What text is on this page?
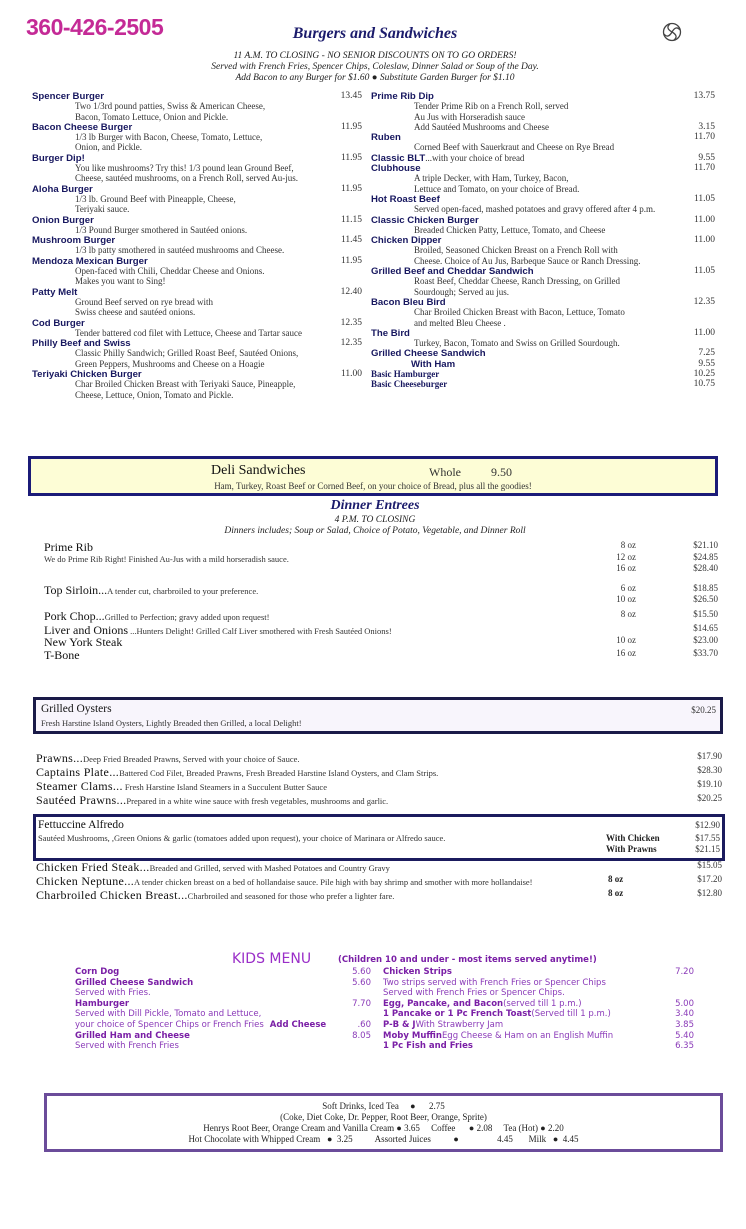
360-426-2505	Burgers and Sandwiches
11 A.M. TO CLOSING - NO SENIOR DISCOUNTS ON TO GO ORDERS!
Served with French Fries, Spencer Chips, Coleslaw, Dinner Salad or Soup of the Day.
Add Bacon to any Burger for $1.60 ● Substitute Garden Burger for $1.10
Spencer Burger	13.45
Two 1/3rd pound patties, Swiss & American Cheese,
Bacon, Tomato Lettuce, Onion and Pickle.
Bacon Cheese Burger	11.95
1/3 lb Burger with Bacon, Cheese, Tomato, Lettuce,
Onion, and Pickle.
Burger Dip!	11.95
You like mushrooms? Try this! 1/3 pound lean Ground Beef,
Cheese, sautéed mushrooms, on a French Roll, served Au-jus.
Aloha Burger	11.95
1/3 lb. Ground Beef with Pineapple, Cheese,
Teriyaki sauce.
Onion Burger	11.15
1/3 Pound Burger smothered in Sautéed onions.
Mushroom Burger	11.45
1/3 lb patty smothered in sautéed mushrooms and Cheese.
Mendoza Mexican Burger	11.95
Open-faced with Chili, Cheddar Cheese and Onions.
Makes you want to Sing!
Patty Melt	12.40
Ground Beef served on rye bread with
Swiss cheese and sautéed onions.
Cod Burger	12.35
Tender battered cod filet with Lettuce, Cheese and Tartar sauce
Philly Beef and Swiss	12.35
Classic Philly Sandwich; Grilled Roast Beef, Sautéed Onions,
Green Peppers, Mushrooms and Cheese on a Hoagie
Teriyaki Chicken Burger	11.00
Char Broiled Chicken Breast with Teriyaki Sauce, Pineapple,
Cheese, Lettuce, Onion, Tomato and Pickle.
Prime Rib Dip	13.75
Tender Prime Rib on a French Roll, served
Au Jus with Horseradish sauce
Add Sautéed Mushrooms and Cheese	3.15
Ruben	11.70
Corned Beef with Sauerkraut and Cheese on Rye Bread
Classic BLT ...with your choice of bread	9.55
Clubhouse	11.70
A triple Decker, with Ham, Turkey, Bacon,
Lettuce and Tomato, on your choice of Bread.
Hot Roast Beef	11.05
Served open-faced, mashed potatoes and gravy offered after 4 p.m.
Classic Chicken Burger	11.00
Breaded Chicken Patty, Lettuce, Tomato, and Cheese
Chicken Dipper	11.00
Broiled, Seasoned Chicken Breast on a French Roll with
Cheese. Choice of Au Jus, Barbeque Sauce or Ranch Dressing.
Grilled Beef and Cheddar Sandwich	11.05
Roast Beef, Cheddar Cheese, Ranch Dressing, on Grilled
Sourdough; Served au jus.
Bacon Bleu Bird	12.35
Char Broiled Chicken Breast with Bacon, Lettuce, Tomato
and melted Bleu Cheese .
The Bird	11.00
Turkey, Bacon, Tomato and Swiss on Grilled Sourdough.
Grilled Cheese Sandwich	7.25
With Ham	9.55
Basic Hamburger	10.25
Basic Cheeseburger	10.75
Deli Sandwiches	Whole	9.50
Ham, Turkey, Roast Beef or Corned Beef, on your choice of Bread, plus all the goodies!
Dinner Entrees
4 P.M. TO CLOSING
Dinners includes; Soup or Salad, Choice of Potato, Vegetable, and Dinner Roll
Prime Rib	8 oz	$21.10
We do Prime Rib Right! Finished Au-Jus with a mild horseradish sauce.	12 oz	$24.85
16 oz	$28.40
Top Sirloin...A tender cut, charbroiled to your preference.	6 oz	$18.85
10 oz	$26.50
Pork Chop...Grilled to Perfection; gravy added upon request!	8 oz	$15.50
Liver and Onions ...Hunters Delight! Grilled Calf Liver smothered with Fresh Sautéed Onions!	$14.65
New York Steak	10 oz	$23.00
T-Bone	16 oz	$33.70
Grilled Oysters
Fresh Harstine Island Oysters, Lightly Breaded then Grilled, a local Delight!
$20.25
Prawns...Deep Fried Breaded Prawns, Served with your choice of Sauce.	$17.90
Captains Plate...Battered Cod Filet, Breaded Prawns, Fresh Breaded Harstine Island Oysters, and Clam Strips.	$28.30
Steamer Clams... Fresh Harstine Island Steamers in a Succulent Butter Sauce	$19.10
Sautéed Prawns...Prepared in a white wine sauce with fresh vegetables, mushrooms and garlic.	$20.25
Fettuccine Alfredo	$12.90
Sautéed Mushrooms, ,Green Onions & garlic (tomatoes added upon request), your choice of Marinara or Alfredo sauce.	With Chicken	$17.55
With Prawns	$21.15
Chicken Fried Steak...Breaded and Grilled, served with Mashed Potatoes and Country Gravy	$15.05
Chicken Neptune...A tender chicken breast on a bed of hollandaise sauce. Pile high with bay shrimp and smother with more hollandaise!	8 oz	$17.20
Charbroiled Chicken Breast...Charbroiled and seasoned for those who prefer a lighter fare.	8 oz	$12.80
KIDS MENU	(Children 10 and under - most items served anytime!)
Corn Dog	5.60
Grilled Cheese Sandwich	5.60
Served with Fries.
Hamburger	7.70
Served with Dill Pickle, Tomato and Lettuce,
your choice of Spencer Chips or French Fries Add Cheese	.60
Grilled Ham and Cheese	8.05
Served with French Fries
Chicken Strips	7.20
Two strips served with French Fries or Spencer Chips
Served with French Fries or Spencer Chips.
Egg, Pancake, and Bacon (served till 1 p.m.)	5.00
1 Pancake or 1 Pc French Toast (Served till 1 p.m.)	3.40
P-B & J With Strawberry Jam	3.85
Moby Muffin Egg Cheese & Ham on an English Muffin	5.40
1 Pc Fish and Fries	6.35
Soft Drinks, Iced Tea     ●      2.75
(Coke, Diet Coke, Dr. Pepper, Root Beer, Orange, Sprite)
Henrys Root Beer, Orange Cream and Vanilla Cream ● 3.65     Coffee      ● 2.08     Tea (Hot) ● 2.20
Hot Chocolate with Whipped Cream   ●  3.25          Assorted Juices          ●                 4.45       Milk   ●  4.45
